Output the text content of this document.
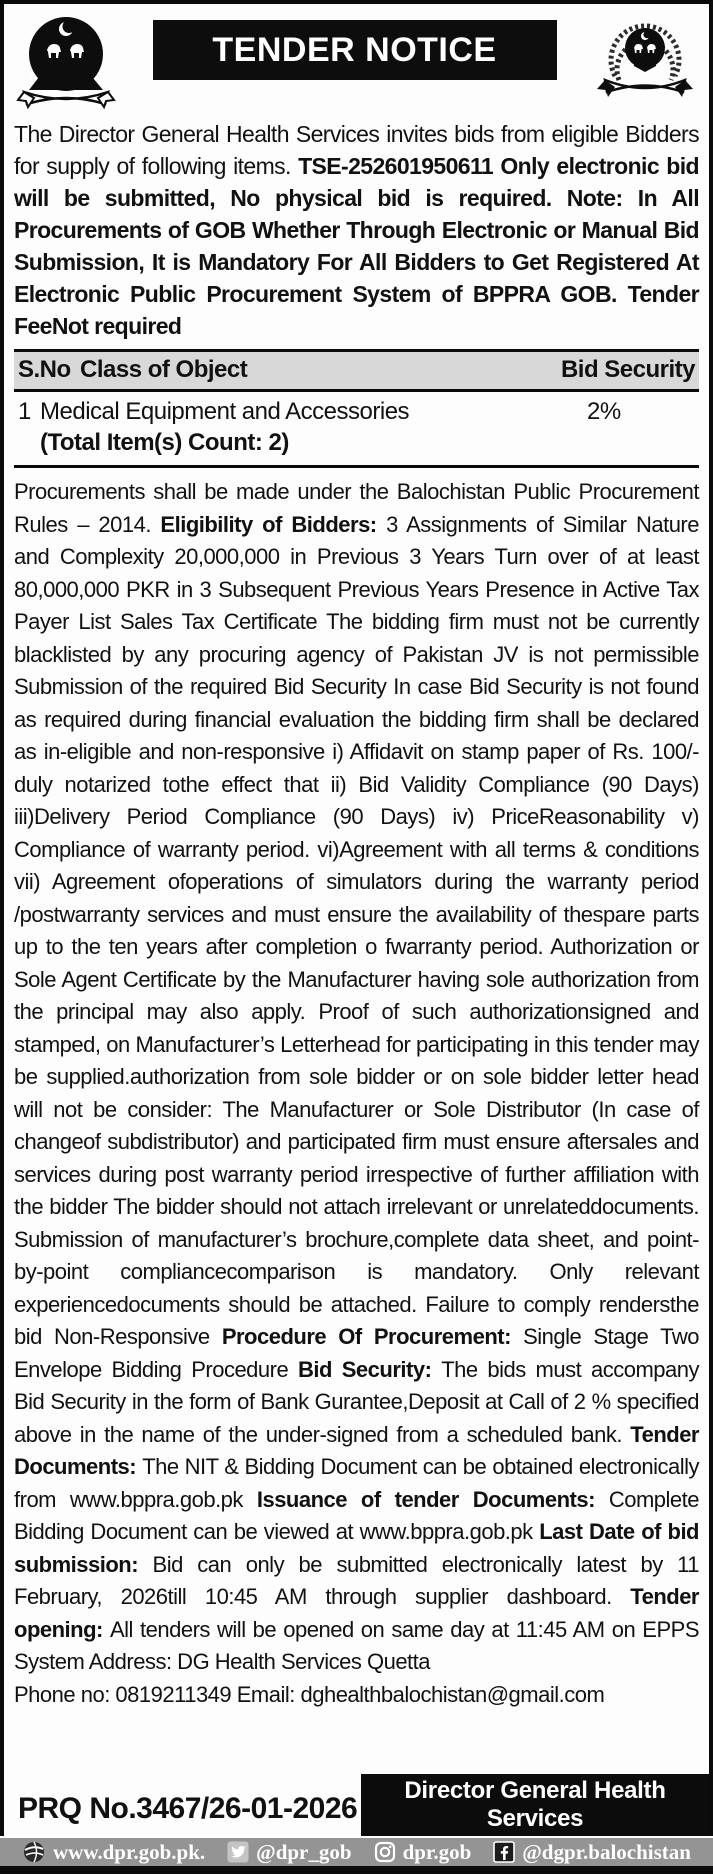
TENDER NOTICE

The Director General Health Services invites bids from eligible Bidders for supply of following items. TSE-252601950611 Only electronic bid will be submitted, No physical bid is required. Note: In All Procurements of GOB Whether Through Electronic or Manual Bid Submission, It is Mandatory For All Bidders to Get Registered At Electronic Public Procurement System of BPPRA GOB. Tender FeeNot required

S.No Class of Object	Bid Security
1 Medical Equipment and Accessories	2%
(Total Item(s) Count: 2)

Procurements shall be made under the Balochistan Public Procurement Rules – 2014. Eligibility of Bidders: 3 Assignments of Similar Nature and Complexity 20,000,000 in Previous 3 Years Turn over of at least 80,000,000 PKR in 3 Subsequent Previous Years Presence in Active Tax Payer List Sales Tax Certificate The bidding firm must not be currently blacklisted by any procuring agency of Pakistan JV is not permissible Submission of the required Bid Security In case Bid Security is not found as required during financial evaluation the bidding firm shall be declared as in-eligible and non-responsive i) Affidavit on stamp paper of Rs. 100/- duly notarized tothe effect that ii) Bid Validity Compliance (90 Days) iii)Delivery Period Compliance (90 Days) iv) PriceReasonability v) Compliance of warranty period. vi)Agreement with all terms & conditions vii) Agreement ofoperations of simulators during the warranty period /postwarranty services and must ensure the availability of thespare parts up to the ten years after completion o fwarranty period. Authorization or Sole Agent Certificate by the Manufacturer having sole authorization from the principal may also apply. Proof of such authorizationsigned and stamped, on Manufacturer’s Letterhead for participating in this tender may be supplied.authorization from sole bidder or on sole bidder letter head will not be consider: The Manufacturer or Sole Distributor (In case of changeof subdistributor) and participated firm must ensure aftersales and services during post warranty period irrespective of further affiliation with the bidder The bidder should not attach irrelevant or unrelateddocuments. Submission of manufacturer’s brochure,complete data sheet, and point-by-point compliancecomparison is mandatory. Only relevant experiencedocuments should be attached. Failure to comply rendersthe bid Non-Responsive Procedure Of Procurement: Single Stage Two Envelope Bidding Procedure Bid Security: The bids must accompany Bid Security in the form of Bank Gurantee,Deposit at Call of 2 % specified above in the name of the under-signed from a scheduled bank. Tender Documents: The NIT & Bidding Document can be obtained electronically from www.bppra.gob.pk Issuance of tender Documents: Complete Bidding Document can be viewed at www.bppra.gob.pk Last Date of bid submission: Bid can only be submitted electronically latest by 11 February, 2026till 10:45 AM through supplier dashboard. Tender opening: All tenders will be opened on same day at 11:45 AM on EPPS System Address: DG Health Services Quetta
Phone no: 0819211349 Email: dghealthbalochistan@gmail.com

PRQ No.3467/26-01-2026
Director General Health
Services
www.dpr.gob.pk. @dpr_gob dpr.gob @dgpr.balochistan
